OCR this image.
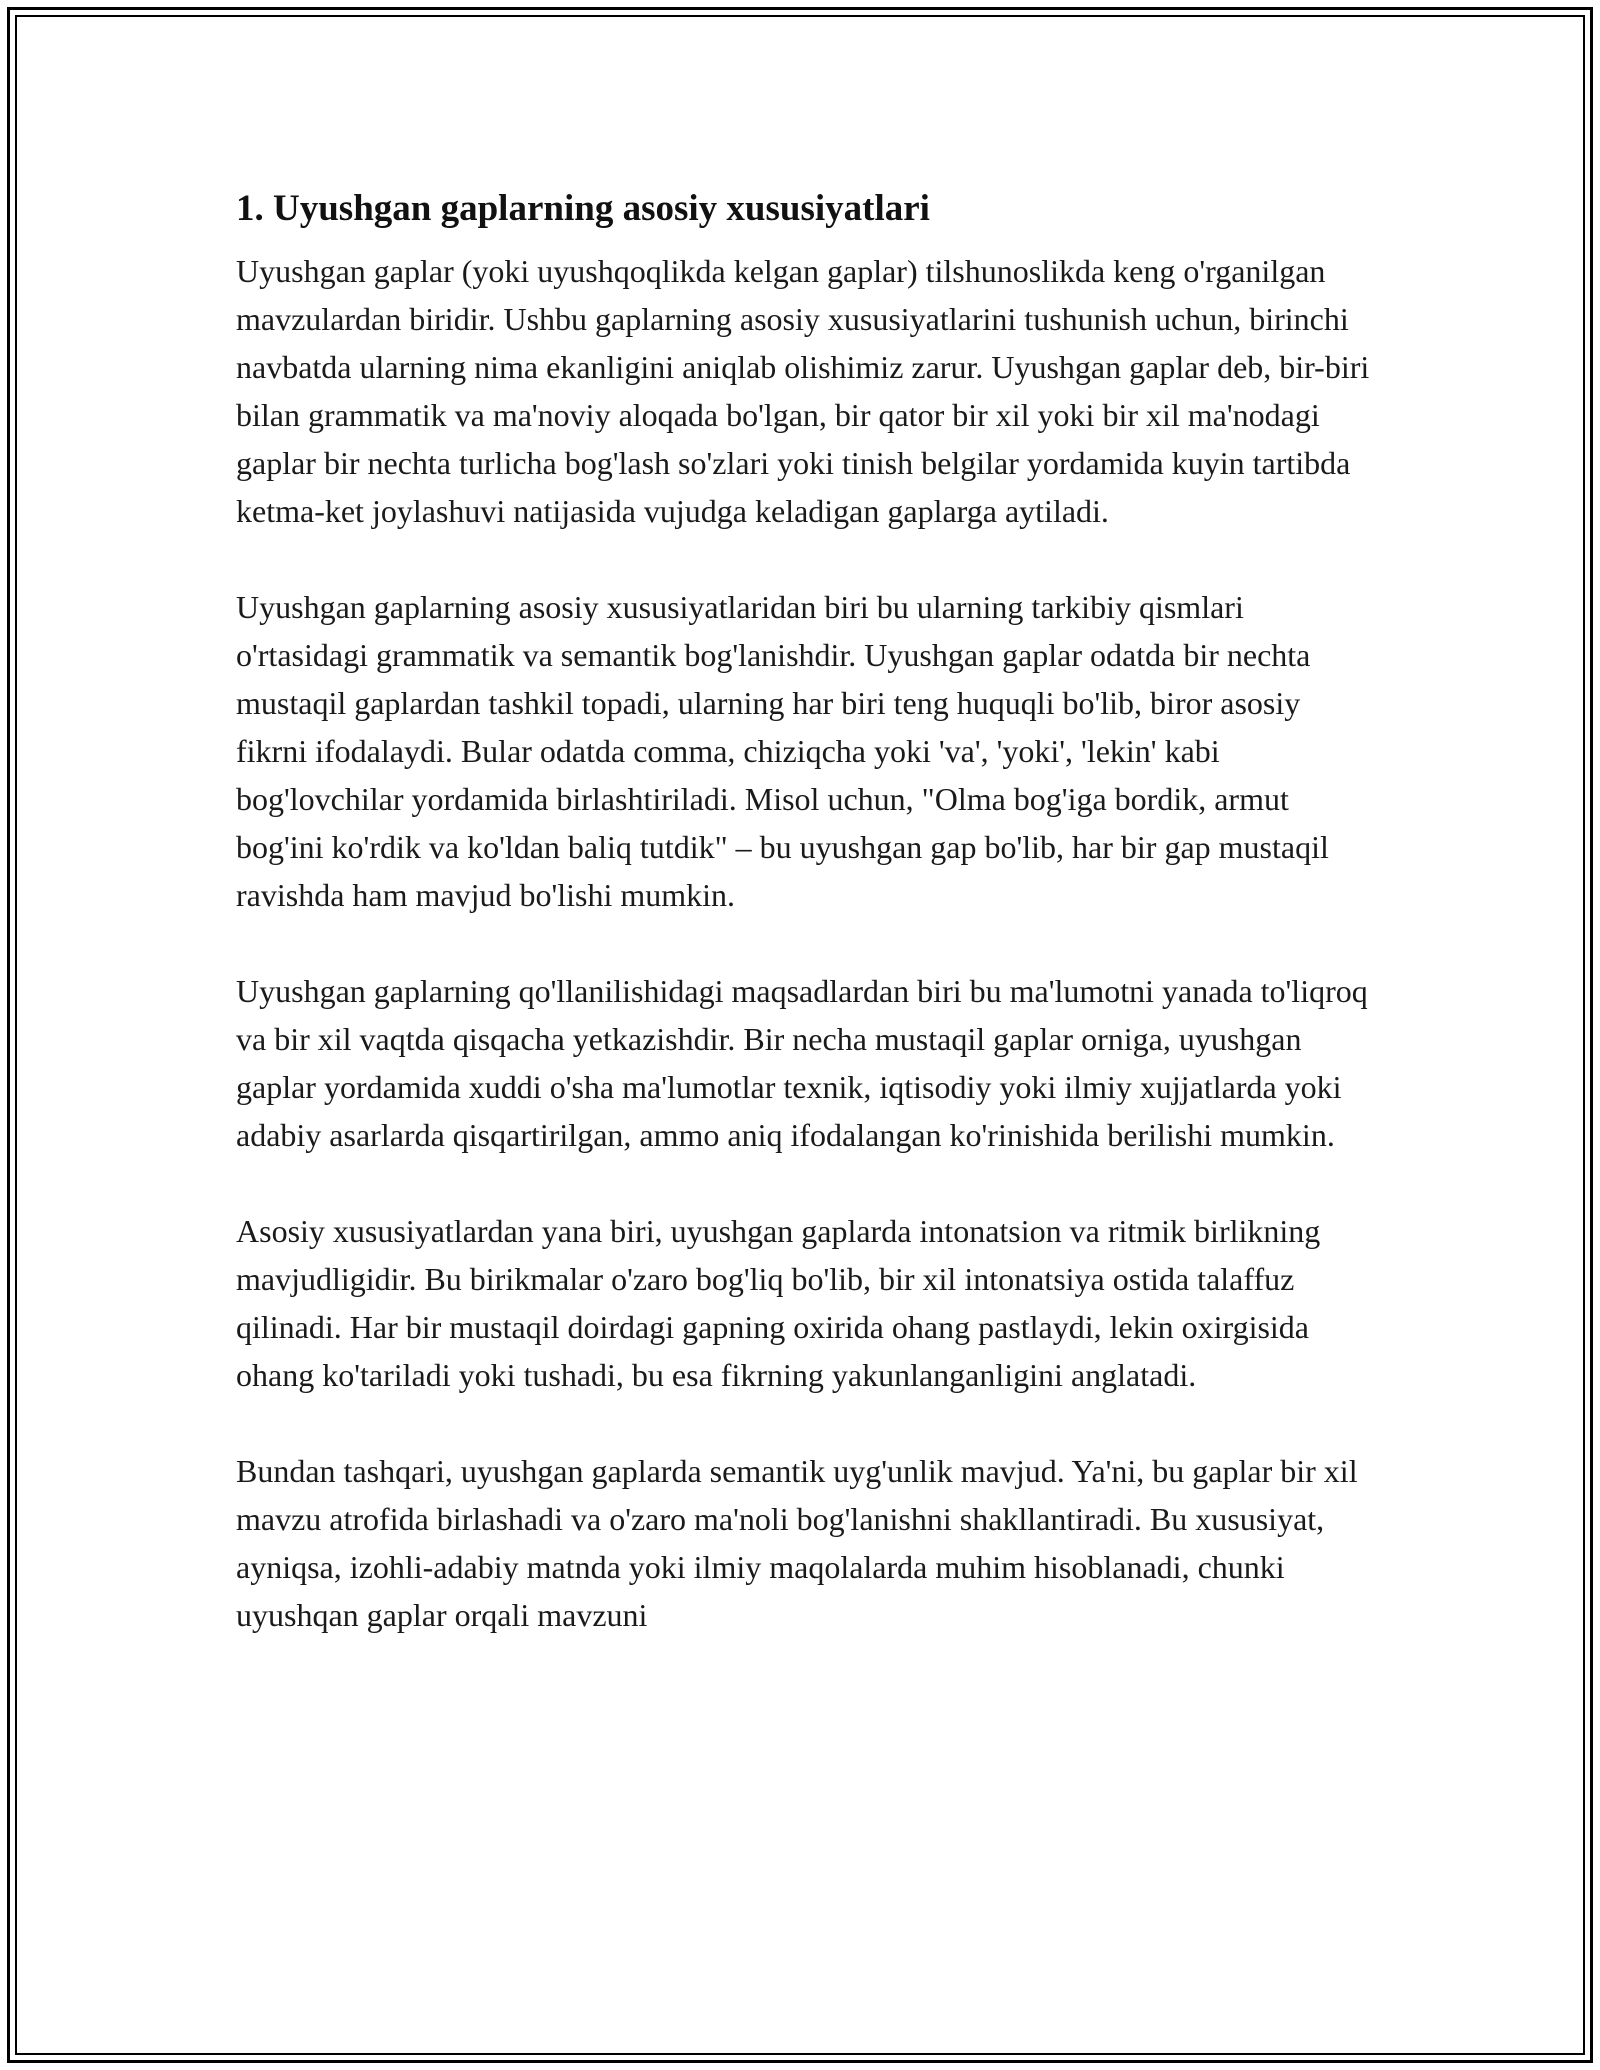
1. Uyushgan gaplarning asosiy xususiyatlari

Uyushgan gaplar (yoki uyushqoqlikda kelgan gaplar) tilshunoslikda keng o'rganilgan mavzulardan biridir. Ushbu gaplarning asosiy xususiyatlarini tushunish uchun, birinchi navbatda ularning nima ekanligini aniqlab olishimiz zarur. Uyushgan gaplar deb, bir-biri bilan grammatik va ma'noviy aloqada bo'lgan, bir qator bir xil yoki bir xil ma'nodagi gaplar bir nechta turlicha bog'lash so'zlari yoki tinish belgilar yordamida kuyin tartibda ketma-ket joylashuvi natijasida vujudga keladigan gaplarga aytiladi.

Uyushgan gaplarning asosiy xususiyatlaridan biri bu ularning tarkibiy qismlari o'rtasidagi grammatik va semantik bog'lanishdir. Uyushgan gaplar odatda bir nechta mustaqil gaplardan tashkil topadi, ularning har biri teng huquqli bo'lib, biror asosiy fikrni ifodalaydi. Bular odatda comma, chiziqcha yoki 'va', 'yoki', 'lekin' kabi bog'lovchilar yordamida birlashtiriladi. Misol uchun, "Olma bog'iga bordik, armut bog'ini ko'rdik va ko'ldan baliq tutdik" – bu uyushgan gap bo'lib, har bir gap mustaqil ravishda ham mavjud bo'lishi mumkin.

Uyushgan gaplarning qo'llanilishidagi maqsadlardan biri bu ma'lumotni yanada to'liqroq va bir xil vaqtda qisqacha yetkazishdir. Bir necha mustaqil gaplar orniga, uyushgan gaplar yordamida xuddi o'sha ma'lumotlar texnik, iqtisodiy yoki ilmiy xujjatlarda yoki adabiy asarlarda qisqartirilgan, ammo aniq ifodalangan ko'rinishida berilishi mumkin.

Asosiy xususiyatlardan yana biri, uyushgan gaplarda intonatsion va ritmik birlikning mavjudligidir. Bu birikmalar o'zaro bog'liq bo'lib, bir xil intonatsiya ostida talaffuz qilinadi. Har bir mustaqil doirdagi gapning oxirida ohang pastlaydi, lekin oxirgisida ohang ko'tariladi yoki tushadi, bu esa fikrning yakunlanganligini anglatadi.

Bundan tashqari, uyushgan gaplarda semantik uyg'unlik mavjud. Ya'ni, bu gaplar bir xil mavzu atrofida birlashadi va o'zaro ma'noli bog'lanishni shakllantiradi. Bu xususiyat, ayniqsa, izohli-adabiy matnda yoki ilmiy maqolalarda muhim hisoblanadi, chunki uyushqan gaplar orqali mavzuni
